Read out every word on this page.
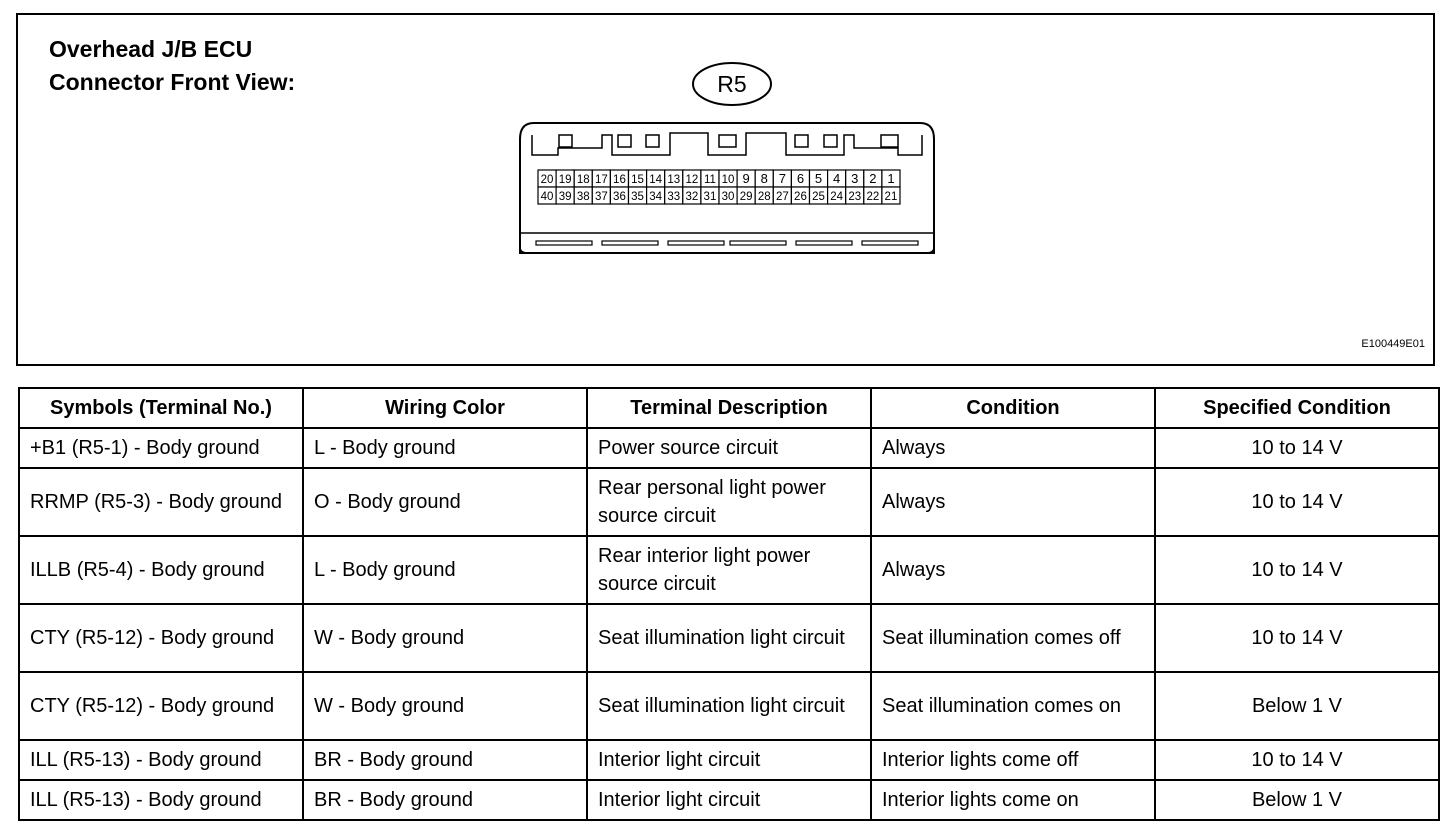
Overhead J/B ECU
Connector Front View:	R5
20 19 18 17 16 15 14 13 12 11 10 9 8 7 6 5 4 3 2 1
40 39 38 37 36 35 34 33 32 31 30 29 28 27 26 25 24 23 22 21
E100449E01
Symbols (Terminal No.)	Wiring Color	Terminal Description	Condition	Specified Condition
+B1 (R5-1) - Body ground	L - Body ground	Power source circuit	Always	10 to 14 V
RRMP (R5-3) - Body ground	O - Body ground	Rear personal light power source circuit	Always	10 to 14 V
ILLB (R5-4) - Body ground	L - Body ground	Rear interior light power source circuit	Always	10 to 14 V
CTY (R5-12) - Body ground	W - Body ground	Seat illumination light circuit	Seat illumination comes off	10 to 14 V
CTY (R5-12) - Body ground	W - Body ground	Seat illumination light circuit	Seat illumination comes on	Below 1 V
ILL (R5-13) - Body ground	BR - Body ground	Interior light circuit	Interior lights come off	10 to 14 V
ILL (R5-13) - Body ground	BR - Body ground	Interior light circuit	Interior lights come on	Below 1 V
